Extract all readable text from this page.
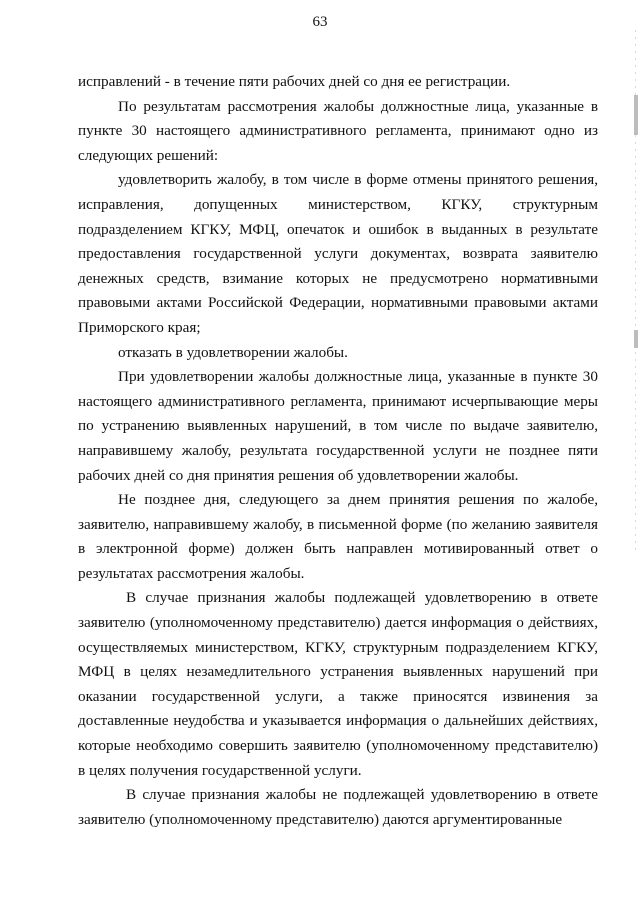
63

исправлений - в течение пяти рабочих дней со дня ее регистрации.

По результатам рассмотрения жалобы должностные лица, указанные в пункте 30 настоящего административного регламента, принимают одно из следующих решений:

удовлетворить жалобу, в том числе в форме отмены принятого решения, исправления, допущенных министерством, КГКУ, структурным подразделением КГКУ, МФЦ, опечаток и ошибок в выданных в результате предоставления государственной услуги документах, возврата заявителю денежных средств, взимание которых не предусмотрено нормативными правовыми актами Российской Федерации, нормативными правовыми актами Приморского края;

отказать в удовлетворении жалобы.

При удовлетворении жалобы должностные лица, указанные в пункте 30 настоящего административного регламента, принимают исчерпывающие меры по устранению выявленных нарушений, в том числе по выдаче заявителю, направившему жалобу, результата государственной услуги не позднее пяти рабочих дней со дня принятия решения об удовлетворении жалобы.

Не позднее дня, следующего за днем принятия решения по жалобе, заявителю, направившему жалобу, в письменной форме (по желанию заявителя в электронной форме) должен быть направлен мотивированный ответ о результатах рассмотрения жалобы.

В случае признания жалобы подлежащей удовлетворению в ответе заявителю (уполномоченному представителю) дается информация о действиях, осуществляемых министерством, КГКУ, структурным подразделением КГКУ, МФЦ в целях незамедлительного устранения выявленных нарушений при оказании государственной услуги, а также приносятся извинения за доставленные неудобства и указывается информация о дальнейших действиях, которые необходимо совершить заявителю (уполномоченному представителю) в целях получения государственной услуги.

В случае признания жалобы не подлежащей удовлетворению в ответе заявителю (уполномоченному представителю) даются аргументированные
